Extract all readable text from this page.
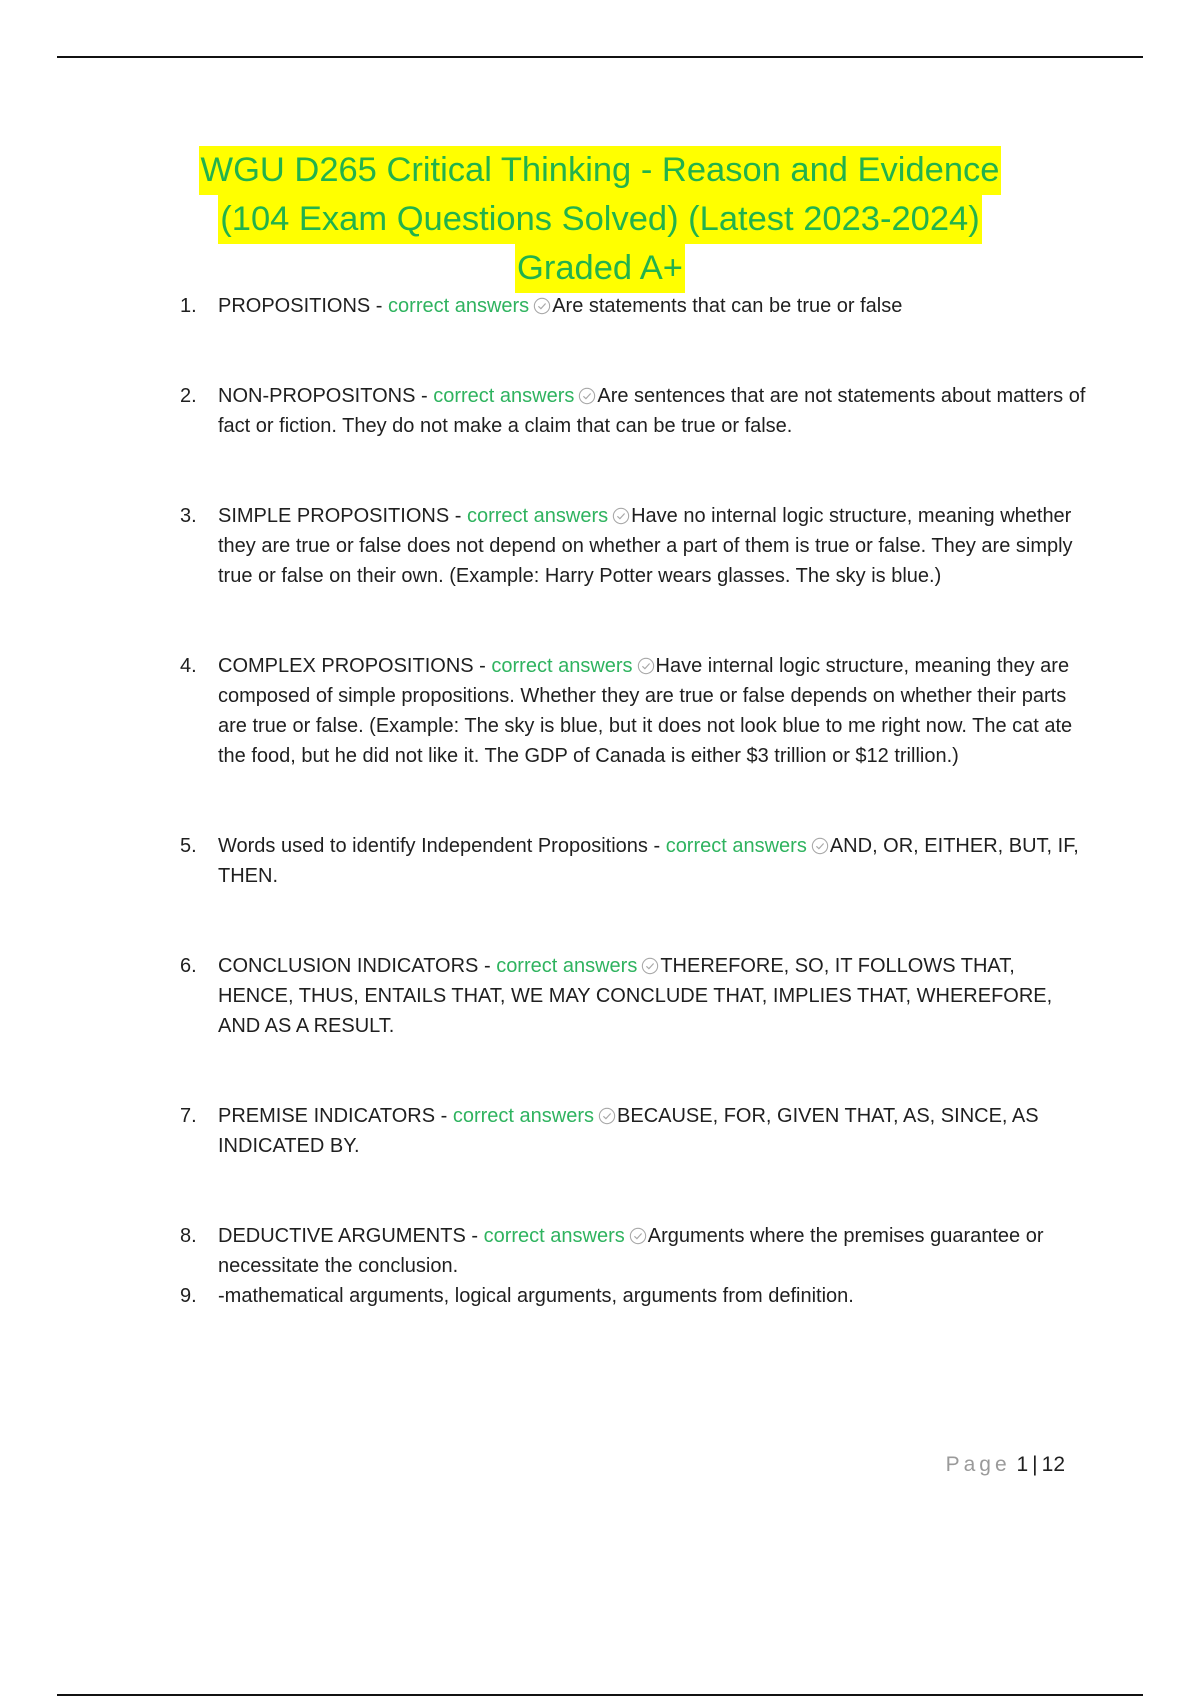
WGU D265 Critical Thinking - Reason and Evidence
(104 Exam Questions Solved) (Latest 2023-2024)
Graded A+
1. PROPOSITIONS - correct answers Are statements that can be true or false
2. NON-PROPOSITONS - correct answers Are sentences that are not statements about matters of fact or fiction. They do not make a claim that can be true or false.
3. SIMPLE PROPOSITIONS - correct answers Have no internal logic structure, meaning whether they are true or false does not depend on whether a part of them is true or false. They are simply true or false on their own. (Example: Harry Potter wears glasses. The sky is blue.)
4. COMPLEX PROPOSITIONS - correct answers Have internal logic structure, meaning they are composed of simple propositions. Whether they are true or false depends on whether their parts are true or false. (Example: The sky is blue, but it does not look blue to me right now. The cat ate the food, but he did not like it. The GDP of Canada is either $3 trillion or $12 trillion.)
5. Words used to identify Independent Propositions - correct answers AND, OR, EITHER, BUT, IF, THEN.
6. CONCLUSION INDICATORS - correct answers THEREFORE, SO, IT FOLLOWS THAT, HENCE, THUS, ENTAILS THAT, WE MAY CONCLUDE THAT, IMPLIES THAT, WHEREFORE, AND AS A RESULT.
7. PREMISE INDICATORS - correct answers BECAUSE, FOR, GIVEN THAT, AS, SINCE, AS INDICATED BY.
8. DEDUCTIVE ARGUMENTS - correct answers Arguments where the premises guarantee or necessitate the conclusion.
9. -mathematical arguments, logical arguments, arguments from definition.
Page 1 | 12
